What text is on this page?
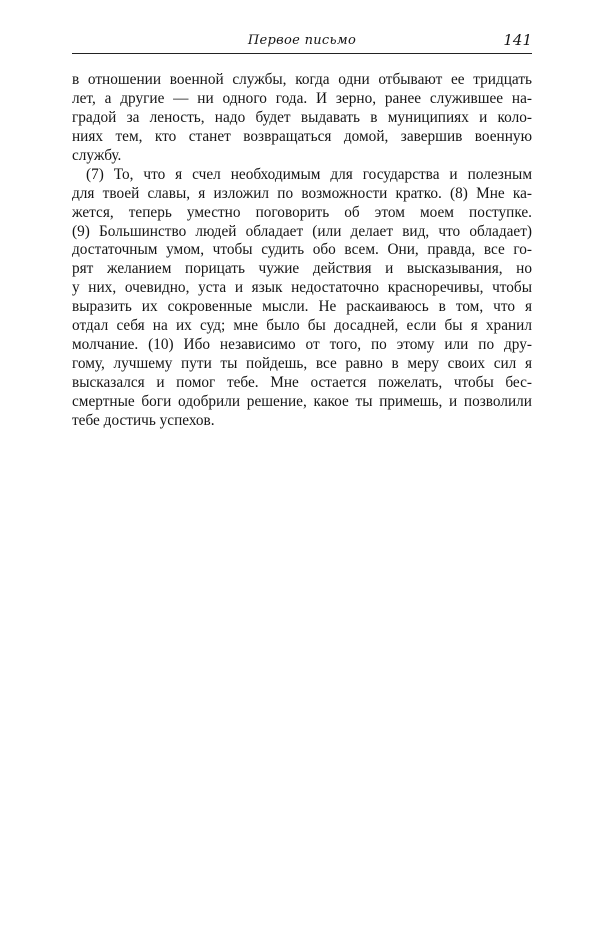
Первое письмо	141
в отношении военной службы, когда одни отбывают ее тридцать
лет, а другие — ни одного года. И зерно, ранее служившее на-
градой за леность, надо будет выдавать в муниципиях и коло-
ниях тем, кто станет возвращаться домой, завершив военную
службу.
(7) То, что я счел необходимым для государства и полезным
для твоей славы, я изложил по возможности кратко. (8) Мне ка-
жется, теперь уместно поговорить об этом моем поступке.
(9) Большинство людей обладает (или делает вид, что обладает)
достаточным умом, чтобы судить обо всем. Они, правда, все го-
рят желанием порицать чужие действия и высказывания, но
у них, очевидно, уста и язык недостаточно красноречивы, чтобы
выразить их сокровенные мысли. Не раскаиваюсь в том, что я
отдал себя на их суд; мне было бы досадней, если бы я хранил
молчание. (10) Ибо независимо от того, по этому или по дру-
гому, лучшему пути ты пойдешь, все равно в меру своих сил я
высказался и помог тебе. Мне остается пожелать, чтобы бес-
смертные боги одобрили решение, какое ты примешь, и позволили
тебе достичь успехов.
